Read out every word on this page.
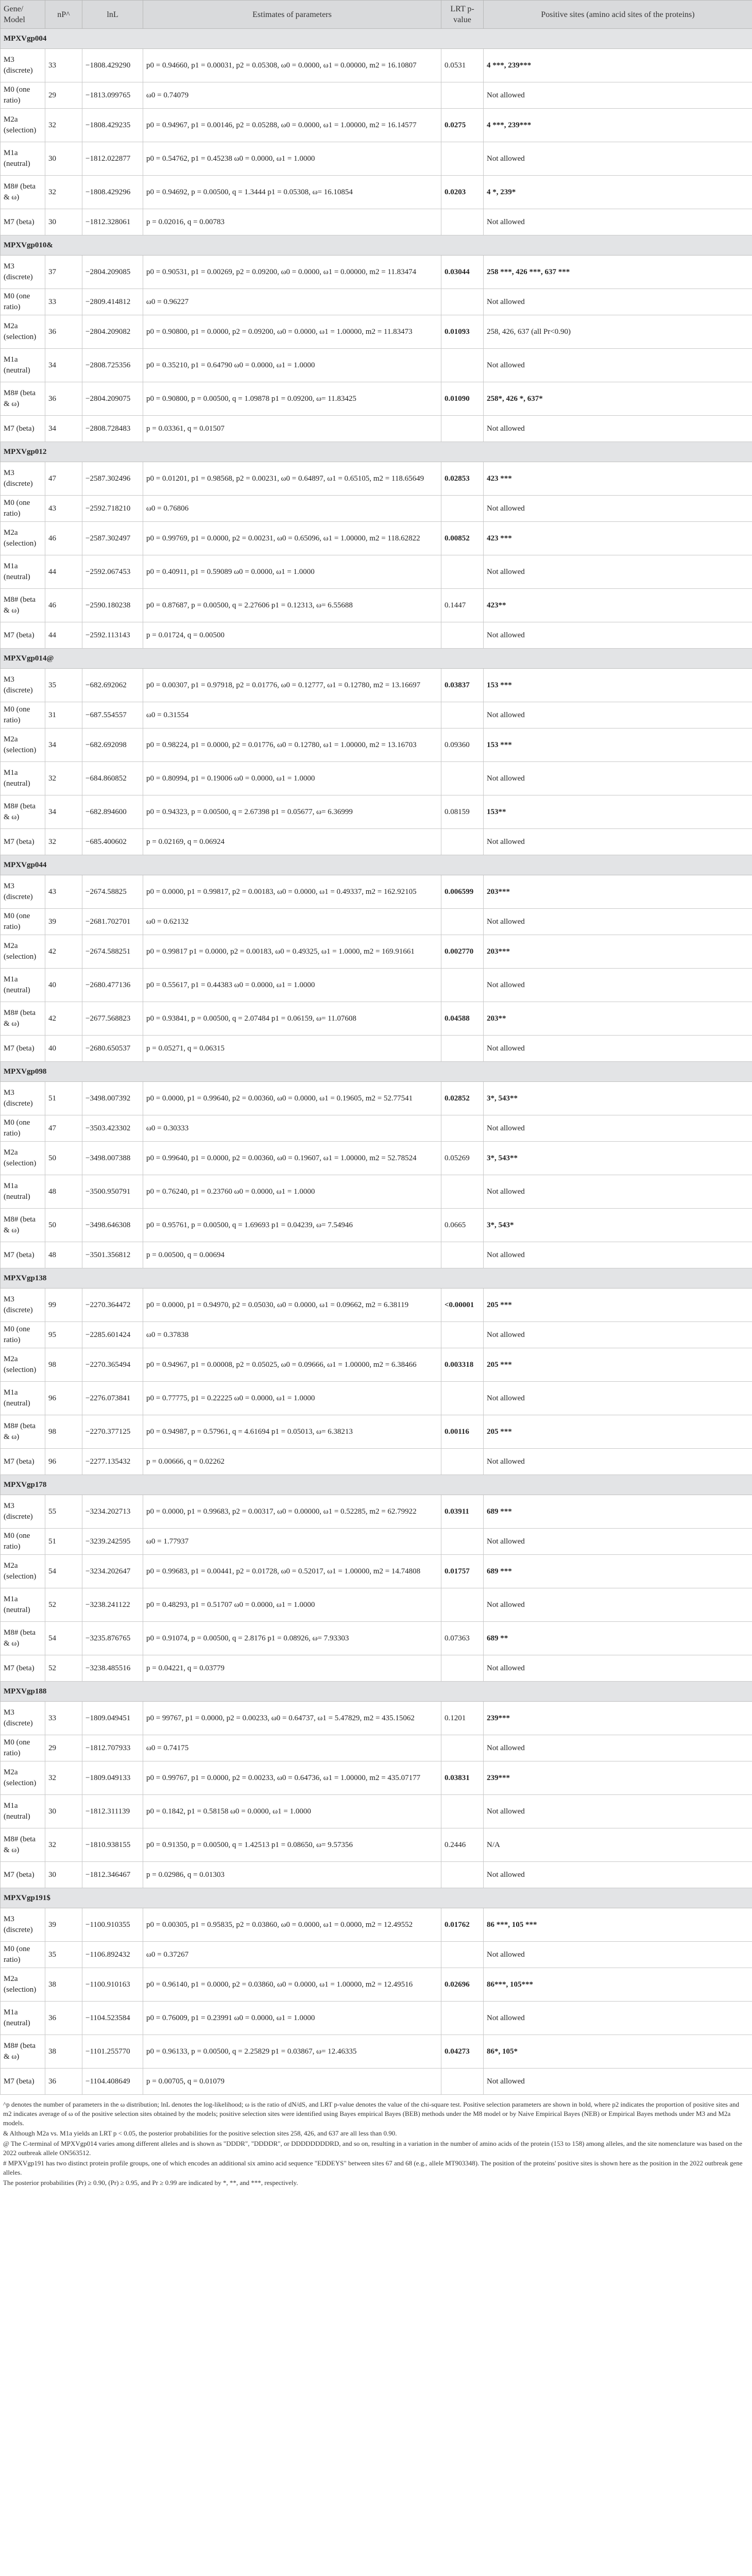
Gene/ Model	nP^	lnL	Estimates of parameters	LRT p-value	Positive sites (amino acid sites of the proteins)
MPXVgp004					
M3 (discrete)	33	−1808.429290	p0 = 0.94660, p1 = 0.00031, p2 = 0.05308, ω0 = 0.0000, ω1 = 0.00000, m2 = 16.10807	0.0531	4 ***, 239***
M0 (one ratio)	29	−1813.099765	ω0 = 0.74079		Not allowed
M2a (selection)	32	−1808.429235	p0 = 0.94967, p1 = 0.00146, p2 = 0.05288, ω0 = 0.0000, ω1 = 1.00000, m2 = 16.14577	0.0275	4 ***, 239***
M1a (neutral)	30	−1812.022877	p0 = 0.54762, p1 = 0.45238 ω0 = 0.0000, ω1 = 1.0000		Not allowed
M8# (beta & ω)	32	−1808.429296	p0 = 0.94692, p = 0.00500, q = 1.3444 p1 = 0.05308, ω= 16.10854	0.0203	4 *, 239*
M7 (beta)	30	−1812.328061	p = 0.02016, q = 0.00783		Not allowed
MPXVgp010&					
M3 (discrete)	37	−2804.209085	p0 = 0.90531, p1 = 0.00269, p2 = 0.09200, ω0 = 0.0000, ω1 = 0.00000, m2 = 11.83474	0.03044	258 ***, 426 ***, 637 ***
M0 (one ratio)	33	−2809.414812	ω0 = 0.96227		Not allowed
M2a (selection)	36	−2804.209082	p0 = 0.90800, p1 = 0.0000, p2 = 0.09200, ω0 = 0.0000, ω1 = 1.00000, m2 = 11.83473	0.01093	258, 426, 637 (all Pr<0.90)
M1a (neutral)	34	−2808.725356	p0 = 0.35210, p1 = 0.64790 ω0 = 0.0000, ω1 = 1.0000		Not allowed
M8# (beta & ω)	36	−2804.209075	p0 = 0.90800, p = 0.00500, q = 1.09878 p1 = 0.09200, ω= 11.83425	0.01090	258*, 426 *, 637*
M7 (beta)	34	−2808.728483	p = 0.03361, q = 0.01507		Not allowed
MPXVgp012					
M3 (discrete)	47	−2587.302496	p0 = 0.01201, p1 = 0.98568, p2 = 0.00231, ω0 = 0.64897, ω1 = 0.65105, m2 = 118.65649	0.02853	423 ***
M0 (one ratio)	43	−2592.718210	ω0 = 0.76806		Not allowed
M2a (selection)	46	−2587.302497	p0 = 0.99769, p1 = 0.0000, p2 = 0.00231, ω0 = 0.65096, ω1 = 1.00000, m2 = 118.62822	0.00852	423 ***
M1a (neutral)	44	−2592.067453	p0 = 0.40911, p1 = 0.59089 ω0 = 0.0000, ω1 = 1.0000		Not allowed
M8# (beta & ω)	46	−2590.180238	p0 = 0.87687, p = 0.00500, q = 2.27606 p1 = 0.12313, ω= 6.55688	0.1447	423**
M7 (beta)	44	−2592.113143	p = 0.01724, q = 0.00500		Not allowed
MPXVgp014@					
M3 (discrete)	35	−682.692062	p0 = 0.00307, p1 = 0.97918, p2 = 0.01776, ω0 = 0.12777, ω1 = 0.12780, m2 = 13.16697	0.03837	153 ***
M0 (one ratio)	31	−687.554557	ω0 = 0.31554		Not allowed
M2a (selection)	34	−682.692098	p0 = 0.98224, p1 = 0.0000, p2 = 0.01776, ω0 = 0.12780, ω1 = 1.00000, m2 = 13.16703	0.09360	153 ***
M1a (neutral)	32	−684.860852	p0 = 0.80994, p1 = 0.19006 ω0 = 0.0000, ω1 = 1.0000		Not allowed
M8# (beta & ω)	34	−682.894600	p0 = 0.94323, p = 0.00500, q = 2.67398 p1 = 0.05677, ω= 6.36999	0.08159	153**
M7 (beta)	32	−685.400602	p = 0.02169, q = 0.06924		Not allowed
MPXVgp044					
M3 (discrete)	43	−2674.58825	p0 = 0.0000, p1 = 0.99817, p2 = 0.00183, ω0 = 0.0000, ω1 = 0.49337, m2 = 162.92105	0.006599	203***
M0 (one ratio)	39	−2681.702701	ω0 = 0.62132		Not allowed
M2a (selection)	42	−2674.588251	p0 = 0.99817 p1 = 0.0000, p2 = 0.00183, ω0 = 0.49325, ω1 = 1.0000, m2 = 169.91661	0.002770	203***
M1a (neutral)	40	−2680.477136	p0 = 0.55617, p1 = 0.44383 ω0 = 0.0000, ω1 = 1.0000		Not allowed
M8# (beta & ω)	42	−2677.568823	p0 = 0.93841, p = 0.00500, q = 2.07484 p1 = 0.06159, ω= 11.07608	0.04588	203**
M7 (beta)	40	−2680.650537	p = 0.05271, q = 0.06315		Not allowed
MPXVgp098					
M3 (discrete)	51	−3498.007392	p0 = 0.0000, p1 = 0.99640, p2 = 0.00360, ω0 = 0.0000, ω1 = 0.19605, m2 = 52.77541	0.02852	3*, 543**
M0 (one ratio)	47	−3503.423302	ω0 = 0.30333		Not allowed
M2a (selection)	50	−3498.007388	p0 = 0.99640, p1 = 0.0000, p2 = 0.00360, ω0 = 0.19607, ω1 = 1.00000, m2 = 52.78524	0.05269	3*, 543**
M1a (neutral)	48	−3500.950791	p0 = 0.76240, p1 = 0.23760 ω0 = 0.0000, ω1 = 1.0000		Not allowed
M8# (beta & ω)	50	−3498.646308	p0 = 0.95761, p = 0.00500, q = 1.69693 p1 = 0.04239, ω= 7.54946	0.0665	3*, 543*
M7 (beta)	48	−3501.356812	p = 0.00500, q = 0.00694		Not allowed
MPXVgp138					
M3 (discrete)	99	−2270.364472	p0 = 0.0000, p1 = 0.94970, p2 = 0.05030, ω0 = 0.0000, ω1 = 0.09662, m2 = 6.38119	<0.00001	205 ***
M0 (one ratio)	95	−2285.601424	ω0 = 0.37838		Not allowed
M2a (selection)	98	−2270.365494	p0 = 0.94967, p1 = 0.00008, p2 = 0.05025, ω0 = 0.09666, ω1 = 1.00000, m2 = 6.38466	0.003318	205 ***
M1a (neutral)	96	−2276.073841	p0 = 0.77775, p1 = 0.22225 ω0 = 0.0000, ω1 = 1.0000		Not allowed
M8# (beta & ω)	98	−2270.377125	p0 = 0.94987, p = 0.57961, q = 4.61694 p1 = 0.05013, ω= 6.38213	0.00116	205 ***
M7 (beta)	96	−2277.135432	p = 0.00666, q = 0.02262		Not allowed
MPXVgp178					
M3 (discrete)	55	−3234.202713	p0 = 0.0000, p1 = 0.99683, p2 = 0.00317, ω0 = 0.00000, ω1 = 0.52285, m2 = 62.79922	0.03911	689 ***
M0 (one ratio)	51	−3239.242595	ω0 = 1.77937		Not allowed
M2a (selection)	54	−3234.202647	p0 = 0.99683, p1 = 0.00441, p2 = 0.01728, ω0 = 0.52017, ω1 = 1.00000, m2 = 14.74808	0.01757	689 ***
M1a (neutral)	52	−3238.241122	p0 = 0.48293, p1 = 0.51707 ω0 = 0.0000, ω1 = 1.0000		Not allowed
M8# (beta & ω)	54	−3235.876765	p0 = 0.91074, p = 0.00500, q = 2.8176 p1 = 0.08926, ω= 7.93303	0.07363	689 **
M7 (beta)	52	−3238.485516	p = 0.04221, q = 0.03779		Not allowed
MPXVgp188					
M3 (discrete)	33	−1809.049451	p0 = 99767, p1 = 0.0000, p2 = 0.00233, ω0 = 0.64737, ω1 = 5.47829, m2 = 435.15062	0.1201	239***
M0 (one ratio)	29	−1812.707933	ω0 = 0.74175		Not allowed
M2a (selection)	32	−1809.049133	p0 = 0.99767, p1 = 0.0000, p2 = 0.00233, ω0 = 0.64736, ω1 = 1.00000, m2 = 435.07177	0.03831	239***
M1a (neutral)	30	−1812.311139	p0 = 0.1842, p1 = 0.58158 ω0 = 0.0000, ω1 = 1.0000		Not allowed
M8# (beta & ω)	32	−1810.938155	p0 = 0.91350, p = 0.00500, q = 1.42513 p1 = 0.08650, ω= 9.57356	0.2446	N/A
M7 (beta)	30	−1812.346467	p = 0.02986, q = 0.01303		Not allowed
MPXVgp191$					
M3 (discrete)	39	−1100.910355	p0 = 0.00305, p1 = 0.95835, p2 = 0.03860, ω0 = 0.0000, ω1 = 0.0000, m2 = 12.49552	0.01762	86 ***, 105 ***
M0 (one ratio)	35	−1106.892432	ω0 = 0.37267		Not allowed
M2a (selection)	38	−1100.910163	p0 = 0.96140, p1 = 0.0000, p2 = 0.03860, ω0 = 0.0000, ω1 = 1.00000, m2 = 12.49516	0.02696	86***, 105***
M1a (neutral)	36	−1104.523584	p0 = 0.76009, p1 = 0.23991 ω0 = 0.0000, ω1 = 1.0000		Not allowed
M8# (beta & ω)	38	−1101.255770	p0 = 0.96133, p = 0.00500, q = 2.25829 p1 = 0.03867, ω= 12.46335	0.04273	86*, 105*
M7 (beta)	36	−1104.408649	p = 0.00705, q = 0.01079		Not allowed

^p denotes the number of parameters in the ω distribution; lnL denotes the log-likelihood; ω is the ratio of dN/dS, and LRT p-value denotes the value of the chi-square test. Positive selection parameters are shown in bold, where p2 indicates the proportion of positive sites and m2 indicates average of ω of the positive selection sites obtained by the models; positive selection sites were identified using Bayes empirical Bayes (BEB) methods under the M8 model or by Naive Empirical Bayes (NEB) or Empirical Bayes methods under M3 and M2a models.

& Although M2a vs. M1a yields an LRT p < 0.05, the posterior probabilities for the positive selection sites 258, 426, and 637 are all less than 0.90.

@ The C-terminal of MPXVgp014 varies among different alleles and is shown as "DDDR", "DDDDR", or DDDDDDDDRD, and so on, resulting in a variation in the number of amino acids of the protein (153 to 158) among alleles, and the site nomenclature was based on the 2022 outbreak allele ON563512.

# MPXVgp191 has two distinct protein profile groups, one of which encodes an additional six amino acid sequence "EDDEYS" between sites 67 and 68 (e.g., allele MT903348). The position of the proteins' positive sites is shown here as the position in the 2022 outbreak gene alleles.

The posterior probabilities (Pr) ≥ 0.90, (Pr) ≥ 0.95, and Pr ≥ 0.99 are indicated by *, **, and ***, respectively.
